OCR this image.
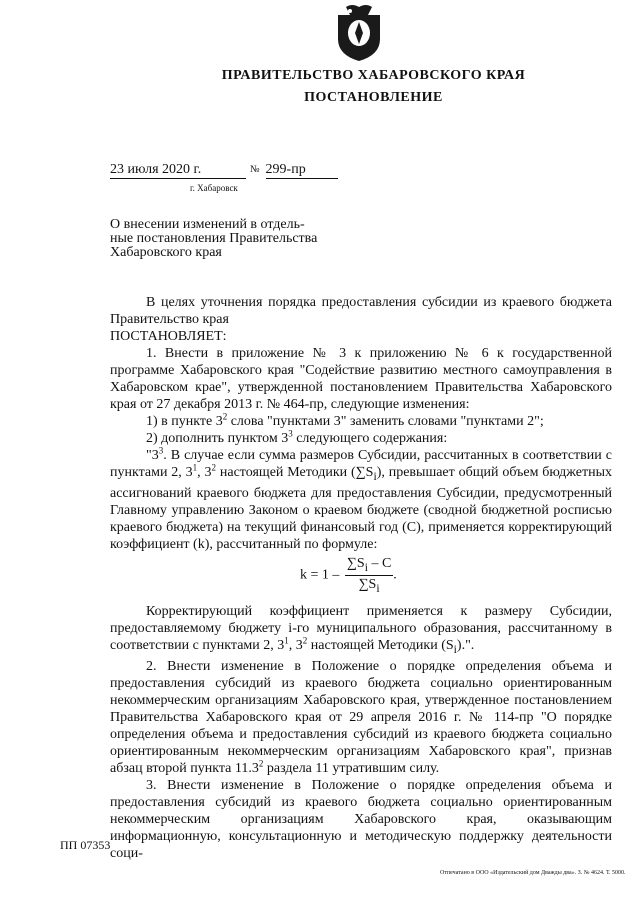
ПРАВИТЕЛЬСТВО ХАБАРОВСКОГО КРАЯ
ПОСТАНОВЛЕНИЕ
23 июля 2020 г.	№ 299-пр
г. Хабаровск
О внесении изменений в отдель-
ные постановления Правительства
Хабаровского края

В целях уточнения порядка предоставления субсидии из краевого бюджета Правительство края

ПОСТАНОВЛЯЕТ:

1. Внести в приложение № 3 к приложению № 6 к государственной программе Хабаровского края "Содействие развитию местного самоуправления в Хабаровском крае", утвержденной постановлением Правительства Хабаровского края от 27 декабря 2013 г. № 464-пр, следующие изменения:

1) в пункте $3^2$ слова "пунктами 3" заменить словами "пунктами 2";

2) дополнить пунктом $3^3$ следующего содержания:

"$3^3$. В случае если сумма размеров Субсидии, рассчитанных в соответствии с пунктами 2, $3^1$, $3^2$ настоящей Методики $(\sum S_i)$, превышает общий объем бюджетных ассигнований краевого бюджета для предоставления Субсидии, предусмотренный Главному управлению Законом о краевом бюджете (сводной бюджетной росписью краевого бюджета) на текущий финансовый год (С), применяется корректирующий коэффициент (k), рассчитанный по формуле:

$k = 1 - \frac{\sum S_i - C}{\sum S_i}$ .

Корректирующий коэффициент применяется к размеру Субсидии, предоставляемому бюджету i-го муниципального образования, рассчитанному в соответствии с пунктами 2, $3^1$, $3^2$ настоящей Методики $(S_i)$.".

2. Внести изменение в Положение о порядке определения объема и предоставления субсидий из краевого бюджета социально ориентированным некоммерческим организациям Хабаровского края, утвержденное постановлением Правительства Хабаровского края от 29 апреля 2016 г. № 114-пр "О порядке определения объема и предоставления субсидий из краевого бюджета социально ориентированным некоммерческим организациям Хабаровского края", признав абзац второй пункта 11.3$^2$ раздела 11 утратившим силу.

3. Внести изменение в Положение о порядке определения объема и предоставления субсидий из краевого бюджета социально ориентированным некоммерческим организациям Хабаровского края, оказывающим информационную, консультационную и методическую поддержку деятельности соци-

ПП 07353
Отпечатано в ООО «Издательский дом Дважды два». З. № 4624. Т. 5000.
